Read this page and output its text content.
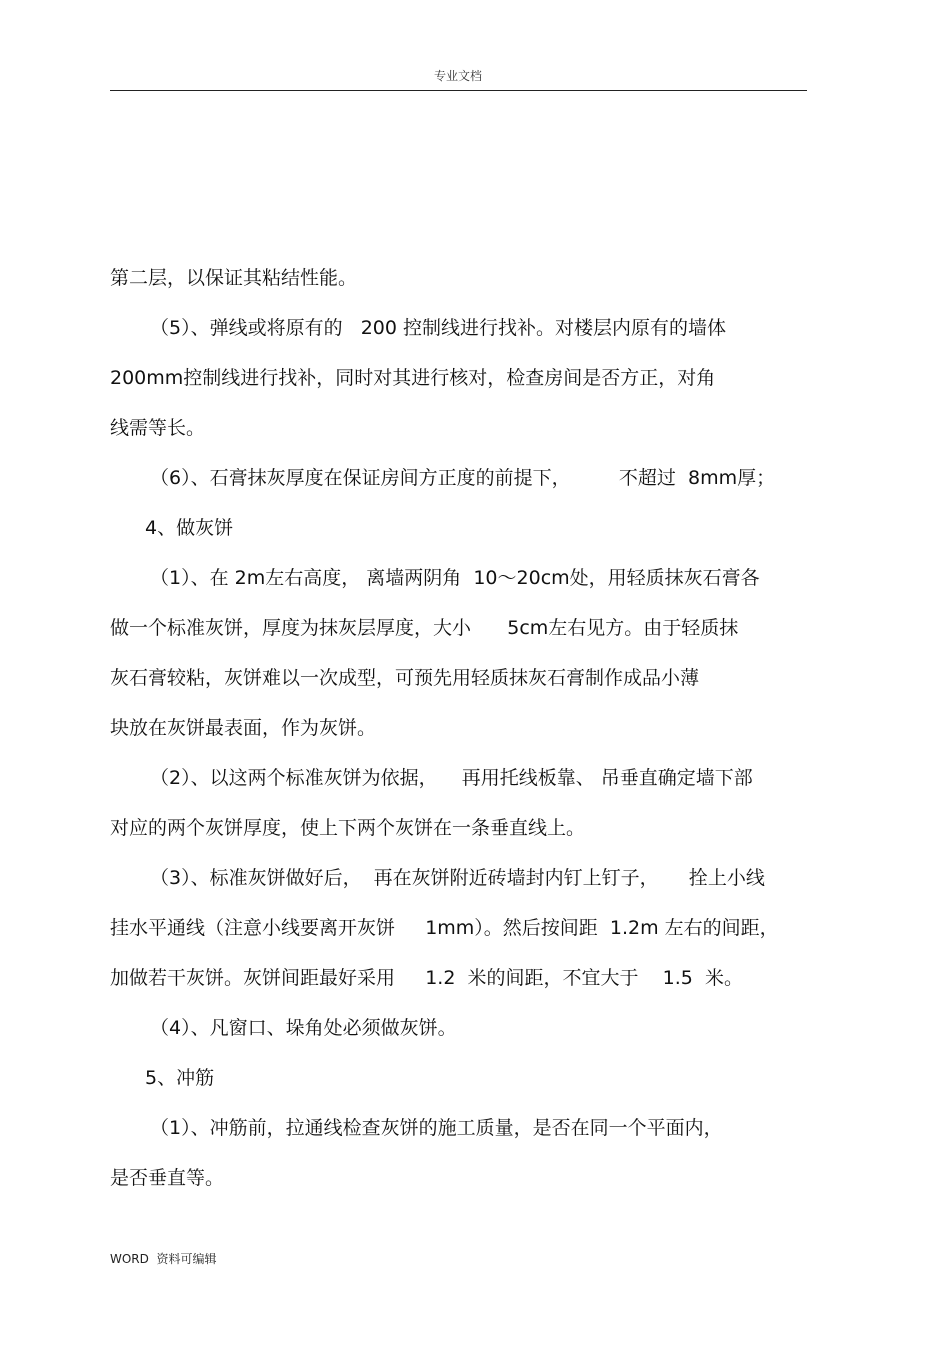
专业文档
第二层，以保证其粘结性能。
（5）、弹线或将原有的   200 控制线进行找补。对楼层内原有的墙体
200mm控制线进行找补，同时对其进行核对，检查房间是否方正，对角
线需等长。
（6）、石膏抹灰厚度在保证房间方正度的前提下，        不超过  8mm厚；
4、做灰饼
（1）、在 2m左右高度， 离墙两阴角  10～20cm处，用轻质抹灰石膏各
做一个标准灰饼，厚度为抹灰层厚度，大小      5cm左右见方。由于轻质抹
灰石膏较粘，灰饼难以一次成型，可预先用轻质抹灰石膏制作成品小薄
块放在灰饼最表面，作为灰饼。
（2）、以这两个标准灰饼为依据，    再用托线板靠、 吊垂直确定墙下部
对应的两个灰饼厚度，使上下两个灰饼在一条垂直线上。
（3）、标准灰饼做好后，  再在灰饼附近砖墙封内钉上钉子，     拴上小线
挂水平通线（注意小线要离开灰饼     1mm）。然后按间距  1.2m 左右的间距，
加做若干灰饼。灰饼间距最好采用     1.2  米的间距，不宜大于    1.5  米。
（4）、凡窗口、垛角处必须做灰饼。
5、冲筋
（1）、冲筋前，拉通线检查灰饼的施工质量，是否在同一个平面内，
是否垂直等。
WORD  资料可编辑
